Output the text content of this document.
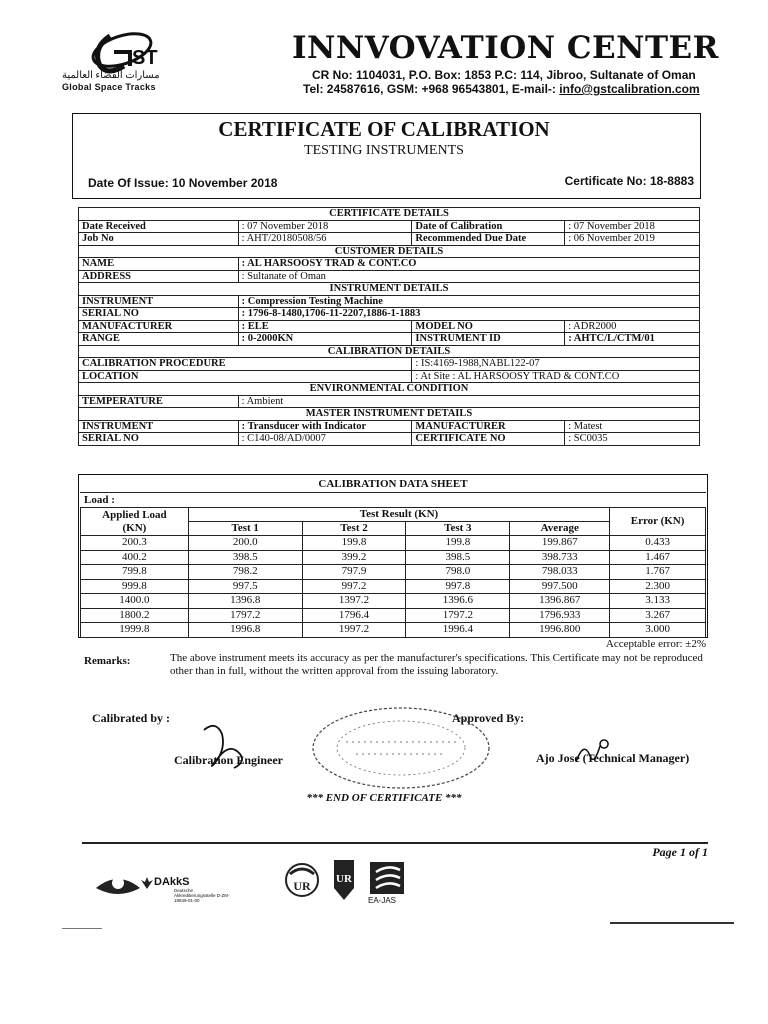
ST
مسارات الفضاء العالمية
Global Space Tracks
INNVOVATION CENTER
CR No: 1104031, P.O. Box: 1853 P.C: 114, Jibroo, Sultanate of Oman
Tel: 24587616, GSM: +968 96543801, E-mail-: info@gstcalibration.com
CERTIFICATE OF CALIBRATION
TESTING INSTRUMENTS
Date Of Issue: 10 November 2018	Certificate No: 18-8883
CERTIFICATE DETAILS			
Date Received	: 07 November 2018	Date of Calibration	: 07 November 2018
Job No	: AHT/20180508/56	Recommended Due Date	: 06 November 2019
CUSTOMER DETAILS			
NAME	: AL HARSOOSY TRAD & CONT.CO		
ADDRESS	: Sultanate of Oman		
INSTRUMENT DETAILS			
INSTRUMENT	: Compression Testing Machine		
SERIAL NO	: 1796-8-1480,1706-11-2207,1886-1-1883		
MANUFACTURER	: ELE	MODEL NO	: ADR2000
RANGE	: 0-2000KN	INSTRUMENT ID	: AHTC/L/CTM/01
CALIBRATION DETAILS			
CALIBRATION PROCEDURE		: IS:4169-1988,NABL122-07	
LOCATION		: At Site : AL HARSOOSY TRAD & CONT.CO	
ENVIRONMENTAL CONDITION			
TEMPERATURE	: Ambient		
MASTER INSTRUMENT DETAILS			
INSTRUMENT	: Transducer with Indicator	MANUFACTURER	: Matest
SERIAL NO	: C140-08/AD/0007	CERTIFICATE NO	: SC0035
CALIBRATION DATA SHEET
Load :
Applied Load
(KN)	Test Result (KN)				Error (KN)
	Test 1	Test 2	Test 3	Average	
200.3	200.0	199.8	199.8	199.867	0.433
400.2	398.5	399.2	398.5	398.733	1.467
799.8	798.2	797.9	798.0	798.033	1.767
999.8	997.5	997.2	997.8	997.500	2.300
1400.0	1396.8	1397.2	1396.6	1396.867	3.133
1800.2	1797.2	1796.4	1797.2	1796.933	3.267
1999.8	1996.8	1997.2	1996.4	1996.800	3.000
Acceptable error: ±2%
Remarks:	The above instrument meets its accuracy as per the manufacturer's specifications. This Certificate may not be reproduced other than in full, without the written approval from the issuing laboratory.
Calibrated by :	Approved By:
Calibration Engineer	Ajo Jose (Technical Manager)
*** END OF CERTIFICATE ***
Page 1 of 1
DAkkS
Deutsche Akkreditierungsstelle D-ZM-18849-01-00
UR UR
EA-JAS
